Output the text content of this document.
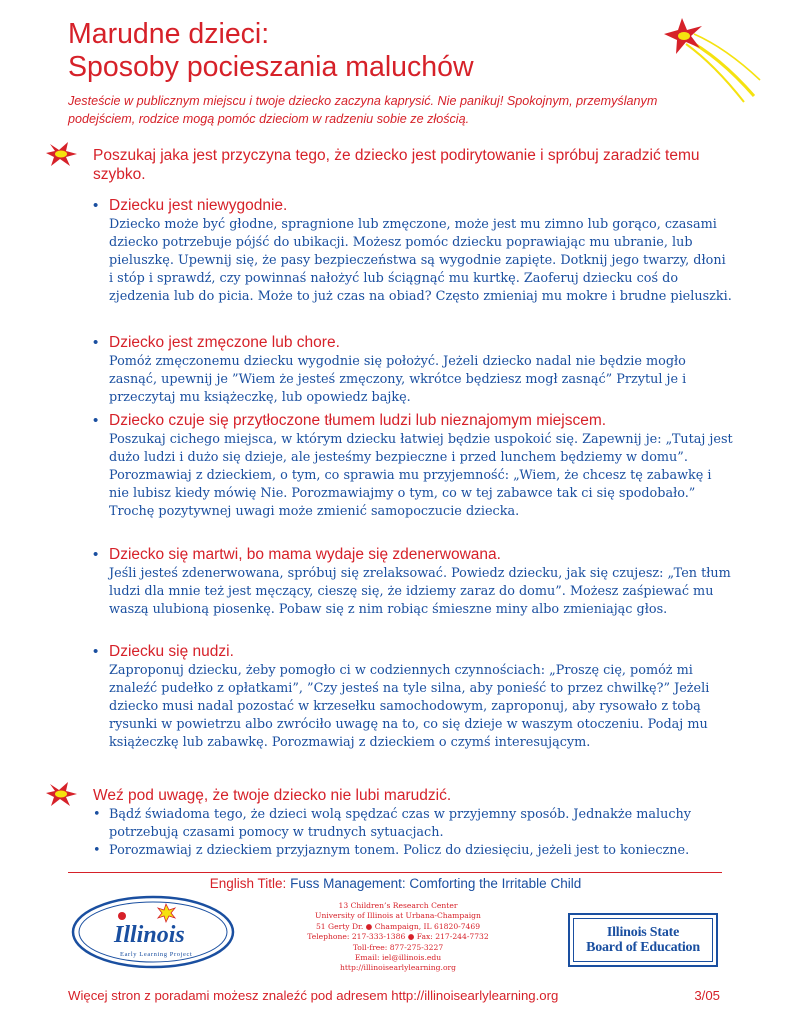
Marudne dzieci:
Sposoby pocieszania maluchów

Jesteście w publicznym miejscu i twoje dziecko zaczyna kaprysić. Nie panikuj! Spokojnym, przemyślanym podejściem, rodzice mogą pomóc dzieciom w radzeniu sobie ze złością.

Poszukaj jaka jest przyczyna tego, że dziecko jest podirytowanie i spróbuj zaradzić temu szybko.

• Dziecku jest niewygodnie.

Dziecko może być głodne, spragnione lub zmęczone, może jest mu zimno lub gorąco, czasami dziecko potrzebuje pójść do ubikacji. Możesz pomóc dziecku poprawiając mu ubranie, lub pieluszkę. Upewnij się, że pasy bezpieczeństwa są wygodnie zapięte. Dotknij jego twarzy, dłoni i stóp i sprawdź, czy powinnaś nałożyć lub ściągnąć mu kurtkę. Zaoferuj dziecku coś do zjedzenia lub do picia. Może to już czas na obiad? Często zmieniaj mu mokre i brudne pieluszki.

• Dziecko jest zmęczone lub chore.

Pomóż zmęczonemu dziecku wygodnie się położyć. Jeżeli dziecko nadal nie będzie mogło zasnąć, upewnij je ”Wiem że jesteś zmęczony, wkrótce będziesz mogł zasnąć” Przytul je i przeczytaj mu książeczkę, lub opowiedz bajkę.

• Dziecko czuje się przytłoczone tłumem ludzi lub nieznajomym miejscem.

Poszukaj cichego miejsca, w którym dziecku łatwiej będzie uspokoić się. Zapewnij je: „Tutaj jest dużo ludzi i dużo się dzieje, ale jesteśmy bezpieczne i przed lunchem będziemy w domu”. Porozmawiaj z dzieckiem, o tym, co sprawia mu przyjemność: „Wiem, że chcesz tę zabawkę i nie lubisz kiedy mówię Nie. Porozmawiajmy o tym, co w tej zabawce tak ci się spodobało.” Trochę pozytywnej uwagi może zmienić samopoczucie dziecka.

• Dziecko się martwi, bo mama wydaje się zdenerwowana.

Jeśli jesteś zdenerwowana, spróbuj się zrelaksować. Powiedz dziecku, jak się czujesz: „Ten tłum ludzi dla mnie też jest męczący, cieszę się, że idziemy zaraz do domu”. Możesz zaśpiewać mu waszą ulubioną piosenkę. Pobaw się z nim robiąc śmieszne miny albo zmieniając głos.

• Dziecku się nudzi.

Zaproponuj dziecku, żeby pomogło ci w codziennych czynnościach: „Proszę cię, pomóż mi znaleźć pudełko z opłatkami”, ”Czy jesteś na tyle silna, aby ponieść to przez chwilkę?” Jeżeli dziecko musi nadal pozostać w krzesełku samochodowym, zaproponuj, aby rysowało z tobą rysunki w powietrzu albo zwróciło uwagę na to, co się dzieje w waszym otoczeniu. Podaj mu książeczkę lub zabawkę. Porozmawiaj z dzieckiem o czymś interesującym.

Weź pod uwagę, że twoje dziecko nie lubi marudzić.

• Bądź świadoma tego, że dzieci wolą spędzać czas w przyjemny sposób. Jednakże maluchy potrzebują czasami pomocy w trudnych sytuacjach.
• Porozmawiaj z dzieckiem przyjaznym tonem. Policz do dziesięciu, jeżeli jest to konieczne.

English Title: Fuss Management: Comforting the Irritable Child

Illinois
Early Learning Project
13 Children’s Research Center
University of Illinois at Urbana-Champaign
51 Gerty Dr. ● Champaign, IL 61820-7469
Telephone: 217-333-1386 ● Fax: 217-244-7732
Toll-free: 877-275-3227
Email: iel@illinois.edu
http://illinoisearlylearning.org
Illinois State
Board of Education

Więcej stron z poradami możesz znaleźć pod adresem http://illinoisearlylearning.org	3/05
